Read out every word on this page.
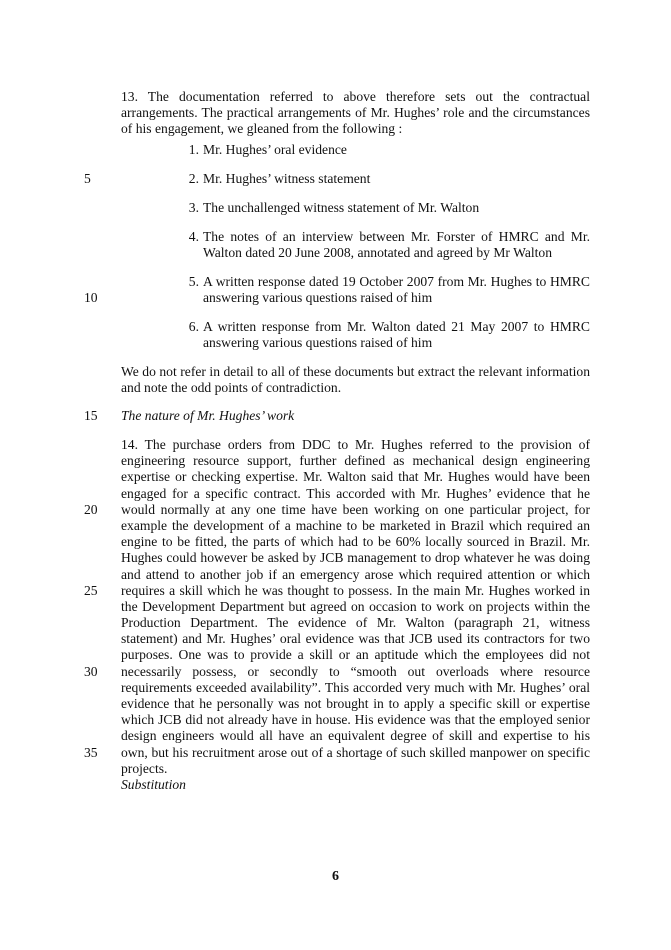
13. The documentation referred to above therefore sets out the contractual
arrangements. The practical arrangements of Mr. Hughes’ role and the circumstances
of his engagement, we gleaned from the following :
1. Mr. Hughes’ oral evidence
2. Mr. Hughes’ witness statement
3. The unchallenged witness statement of Mr. Walton
4. The notes of an interview between Mr. Forster of HMRC and Mr.
Walton dated 20 June 2008, annotated and agreed by Mr Walton
5. A written response dated 19 October 2007 from Mr. Hughes to HMRC
answering various questions raised of him
6. A written response from Mr. Walton dated 21 May 2007 to HMRC
answering various questions raised of him
We do not refer in detail to all of these documents but extract the relevant information
and note the odd points of contradiction.
The nature of Mr. Hughes’ work
14. The purchase orders from DDC to Mr. Hughes referred to the provision of
engineering resource support, further defined as mechanical design engineering
expertise or checking expertise. Mr. Walton said that Mr. Hughes would have been
engaged for a specific contract. This accorded with Mr. Hughes’ evidence that he
would normally at any one time have been working on one particular project, for
example the development of a machine to be marketed in Brazil which required an
engine to be fitted, the parts of which had to be 60% locally sourced in Brazil. Mr.
Hughes could however be asked by JCB management to drop whatever he was doing
and attend to another job if an emergency arose which required attention or which
requires a skill which he was thought to possess. In the main Mr. Hughes worked in
the Development Department but agreed on occasion to work on projects within the
Production Department. The evidence of Mr. Walton (paragraph 21, witness
statement) and Mr. Hughes’ oral evidence was that JCB used its contractors for two
purposes. One was to provide a skill or an aptitude which the employees did not
necessarily possess, or secondly to “smooth out overloads where resource
requirements exceeded availability”. This accorded very much with Mr. Hughes’ oral
evidence that he personally was not brought in to apply a specific skill or expertise
which JCB did not already have in house. His evidence was that the employed senior
design engineers would all have an equivalent degree of skill and expertise to his
own, but his recruitment arose out of a shortage of such skilled manpower on specific
projects.
Substitution
5
10
15
20
25
30
35
6
